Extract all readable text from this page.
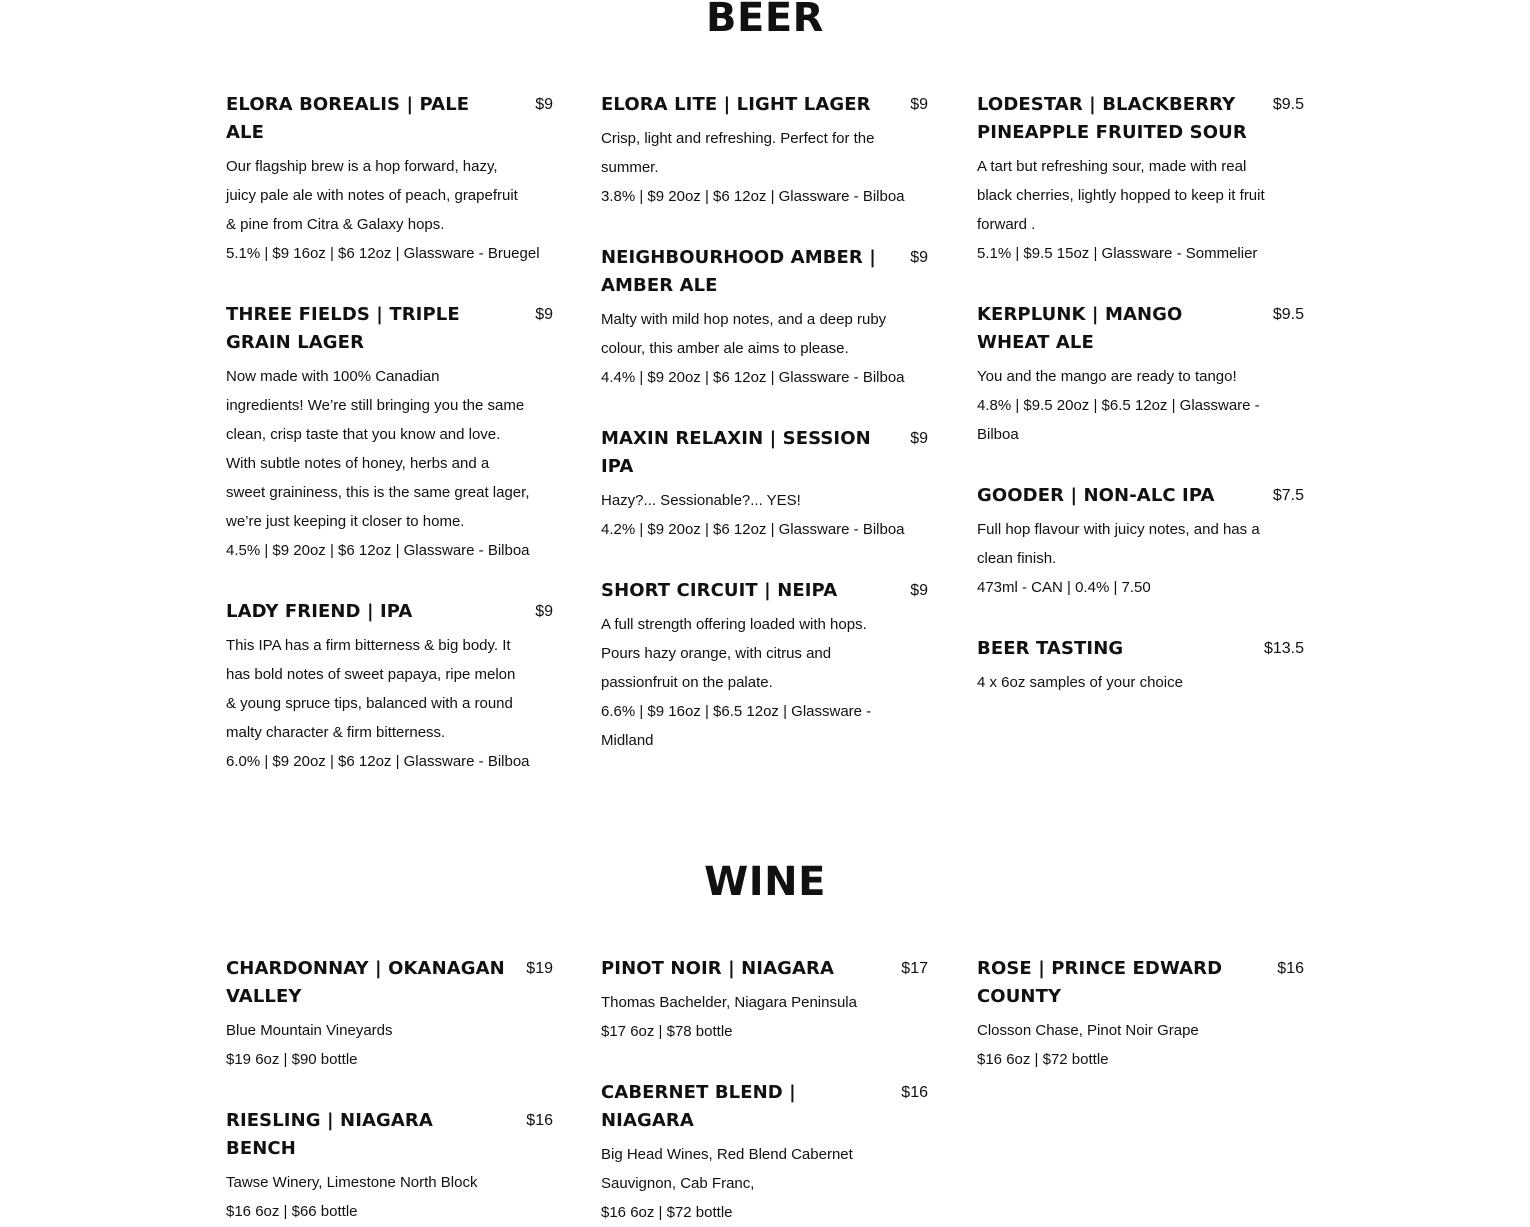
BEER
ELORA BOREALIS | PALE ALE
$9
Our flagship brew is a hop forward, hazy,
juicy pale ale with notes of peach, grapefruit
& pine from Citra & Galaxy hops.
5.1% | $9 16oz | $6 12oz | Glassware - Bruegel
THREE FIELDS | TRIPLE GRAIN LAGER
$9
Now made with 100% Canadian
ingredients! We’re still bringing you the same
clean, crisp taste that you know and love.
With subtle notes of honey, herbs and a
sweet graininess, this is the same great lager,
we’re just keeping it closer to home.
4.5% | $9 20oz | $6 12oz | Glassware - Bilboa
LADY FRIEND | IPA	$9
This IPA has a firm bitterness & big body. It
has bold notes of sweet papaya, ripe melon
& young spruce tips, balanced with a round
malty character & firm bitterness.
6.0% | $9 20oz | $6 12oz | Glassware - Bilboa
ELORA LITE | LIGHT LAGER	$9
Crisp, light and refreshing. Perfect for the
summer.
3.8% | $9 20oz | $6 12oz | Glassware - Bilboa
NEIGHBOURHOOD AMBER | AMBER ALE
$9
Malty with mild hop notes, and a deep ruby
colour, this amber ale aims to please.
4.4% | $9 20oz | $6 12oz | Glassware - Bilboa
MAXIN RELAXIN | SESSION IPA
$9
Hazy?... Sessionable?... YES!
4.2% | $9 20oz | $6 12oz | Glassware - Bilboa
SHORT CIRCUIT | NEIPA	$9
A full strength offering loaded with hops.
Pours hazy orange, with citrus and
passionfruit on the palate.
6.6% | $9 16oz | $6.5 12oz | Glassware -
Midland
LODESTAR | BLACKBERRY PINEAPPLE FRUITED SOUR
$9.5
A tart but refreshing sour, made with real
black cherries, lightly hopped to keep it fruit
forward .
5.1% | $9.5 15oz | Glassware - Sommelier
KERPLUNK | MANGO WHEAT ALE
$9.5
You and the mango are ready to tango!
4.8% | $9.5 20oz | $6.5 12oz | Glassware -
Bilboa
GOODER | NON-ALC IPA	$7.5
Full hop flavour with juicy notes, and has a
clean finish.
473ml - CAN | 0.4% | 7.50
BEER TASTING	$13.5
4 x 6oz samples of your choice
WINE
CHARDONNAY | OKANAGAN VALLEY
$19
Blue Mountain Vineyards
$19 6oz | $90 bottle
RIESLING | NIAGARA BENCH
$16
Tawse Winery, Limestone North Block
$16 6oz | $66 bottle
PINOT NOIR | NIAGARA	$17
Thomas Bachelder, Niagara Peninsula
$17 6oz | $78 bottle
CABERNET BLEND | NIAGARA
$16
Big Head Wines, Red Blend Cabernet
Sauvignon, Cab Franc,
$16 6oz | $72 bottle
ROSE | PRINCE EDWARD COUNTY
$16
Closson Chase, Pinot Noir Grape
$16 6oz | $72 bottle
